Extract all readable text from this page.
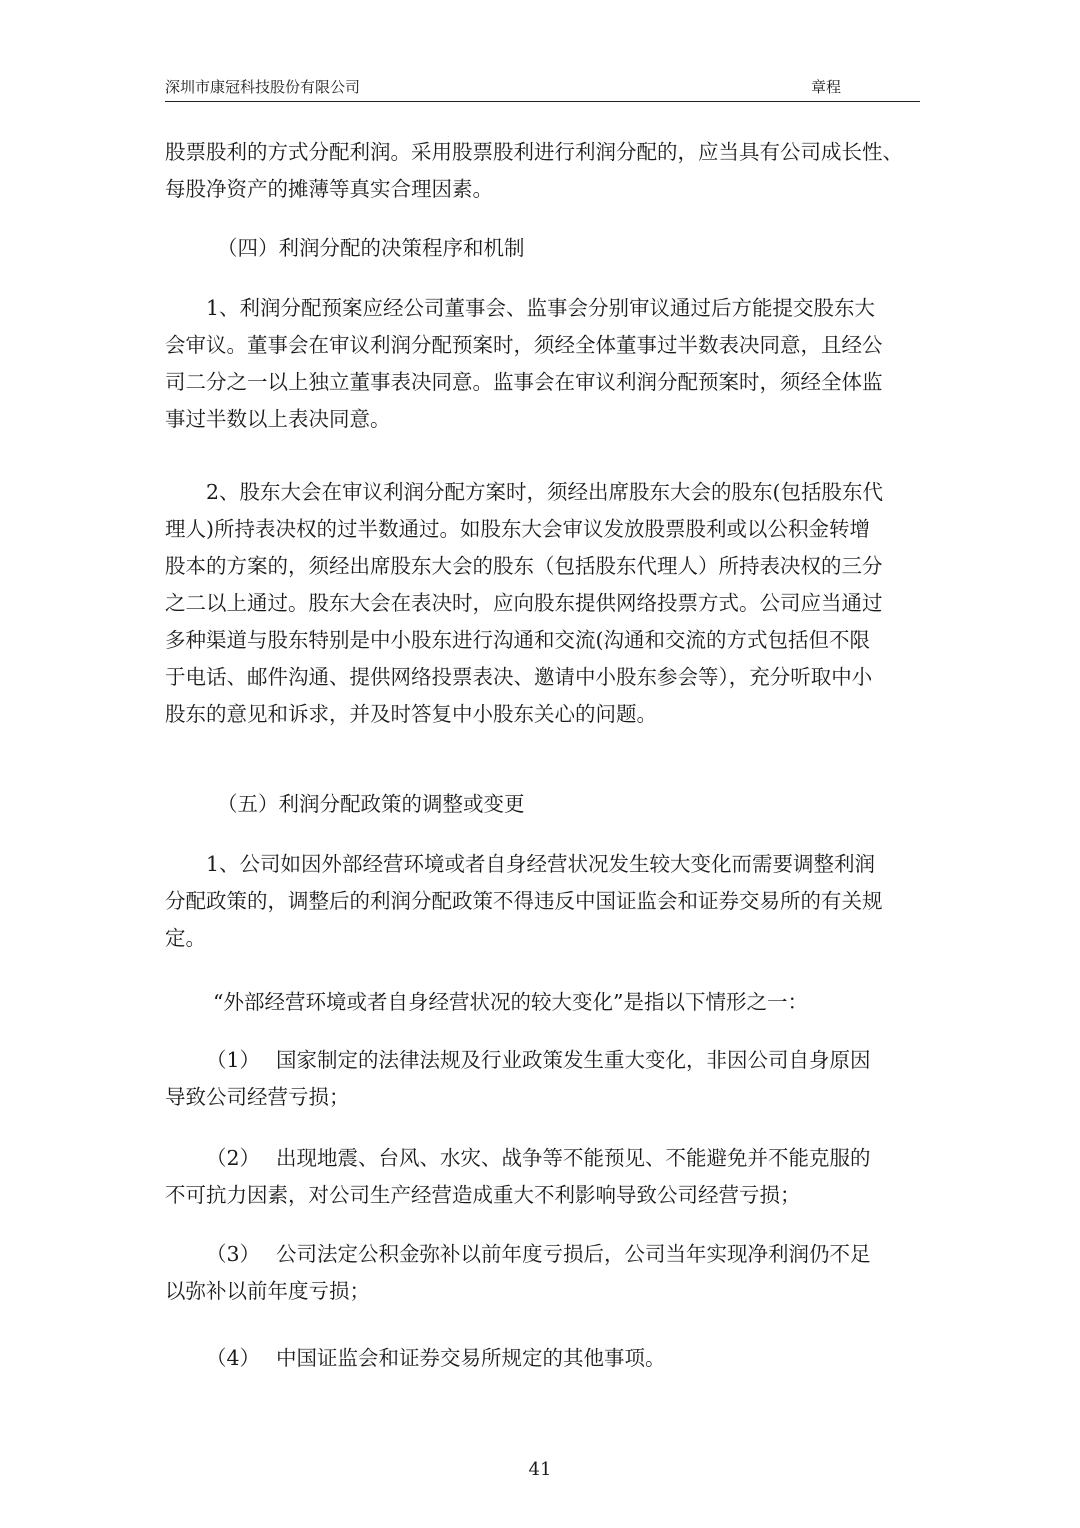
深圳市康冠科技股份有限公司	章程
股票股利的方式分配利润。采用股票股利进行利润分配的，应当具有公司成长性、
每股净资产的摊薄等真实合理因素。
（四）利润分配的决策程序和机制
1、利润分配预案应经公司董事会、监事会分别审议通过后方能提交股东大
会审议。董事会在审议利润分配预案时，须经全体董事过半数表决同意，且经公
司二分之一以上独立董事表决同意。监事会在审议利润分配预案时，须经全体监
事过半数以上表决同意。
2、股东大会在审议利润分配方案时，须经出席股东大会的股东(包括股东代
理人)所持表决权的过半数通过。如股东大会审议发放股票股利或以公积金转增
股本的方案的，须经出席股东大会的股东（包括股东代理人）所持表决权的三分
之二以上通过。股东大会在表决时，应向股东提供网络投票方式。公司应当通过
多种渠道与股东特别是中小股东进行沟通和交流(沟通和交流的方式包括但不限
于电话、邮件沟通、提供网络投票表决、邀请中小股东参会等），充分听取中小
股东的意见和诉求，并及时答复中小股东关心的问题。
（五）利润分配政策的调整或变更
1、公司如因外部经营环境或者自身经营状况发生较大变化而需要调整利润
分配政策的，调整后的利润分配政策不得违反中国证监会和证券交易所的有关规
定。
“外部经营环境或者自身经营状况的较大变化”是指以下情形之一：
（1） 国家制定的法律法规及行业政策发生重大变化，非因公司自身原因
导致公司经营亏损；
（2） 出现地震、台风、水灾、战争等不能预见、不能避免并不能克服的
不可抗力因素，对公司生产经营造成重大不利影响导致公司经营亏损；
（3） 公司法定公积金弥补以前年度亏损后，公司当年实现净利润仍不足
以弥补以前年度亏损；
（4） 中国证监会和证券交易所规定的其他事项。
41
